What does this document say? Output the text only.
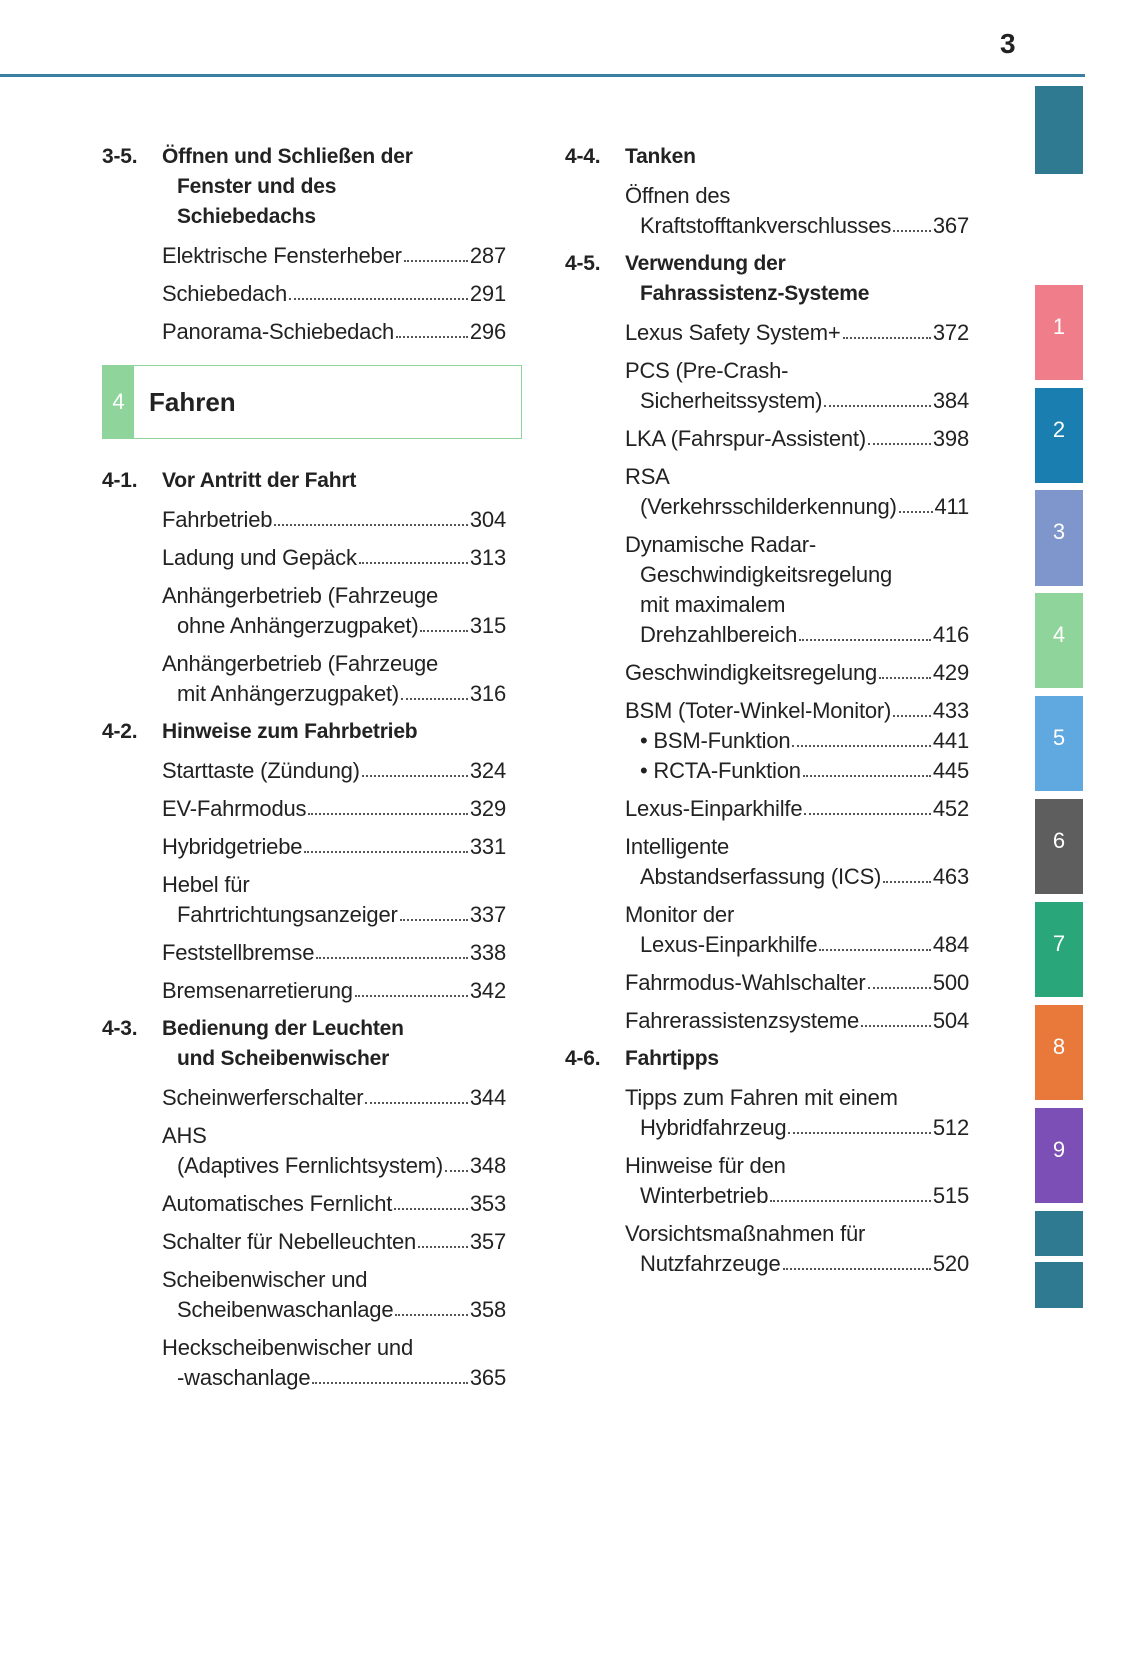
3
3-5.	Öffnen und Schließen der
Fenster und des
Schiebedachs
Elektrische Fensterheber	287
Schiebedach	291
Panorama-Schiebedach	296
4 Fahren
4-1.	Vor Antritt der Fahrt
Fahrbetrieb	304
Ladung und Gepäck	313
Anhängerbetrieb (Fahrzeuge
ohne Anhängerzugpaket) 315
Anhängerbetrieb (Fahrzeuge
mit Anhängerzugpaket)	316
4-2.	Hinweise zum Fahrbetrieb
Starttaste (Zündung)	324
EV-Fahrmodus	329
Hybridgetriebe	331
Hebel für
Fahrtrichtungsanzeiger	337
Feststellbremse	338
Bremsenarretierung	342
4-3.	Bedienung der Leuchten
und Scheibenwischer
Scheinwerferschalter	344
AHS
(Adaptives Fernlichtsystem) 348
Automatisches Fernlicht	353
Schalter für Nebelleuchten 357
Scheibenwischer und
Scheibenwaschanlage	358
Heckscheibenwischer und
-waschanlage	365
4-4.	Tanken
Öffnen des
Kraftstofftankverschlusses 367
4-5.	Verwendung der
Fahrassistenz-Systeme
Lexus Safety System+	372
PCS (Pre-Crash-
Sicherheitssystem)	384
LKA (Fahrspur-Assistent)	398
RSA
(Verkehrsschilderkennung) 411
Dynamische Radar-
Geschwindigkeitsregelung
mit maximalem
Drehzahlbereich	416
Geschwindigkeitsregelung	429
BSM (Toter-Winkel-Monitor) 433
• BSM-Funktion	441
• RCTA-Funktion	445
Lexus-Einparkhilfe	452
Intelligente
Abstandserfassung (ICS) 463
Monitor der
Lexus-Einparkhilfe	484
Fahrmodus-Wahlschalter	500
Fahrerassistenzsysteme	504
4-6.	Fahrtipps
Tipps zum Fahren mit einem
Hybridfahrzeug	512
Hinweise für den
Winterbetrieb	515
Vorsichtsmaßnahmen für
Nutzfahrzeuge	520
1
2
3
4
5
6
7
8
9
